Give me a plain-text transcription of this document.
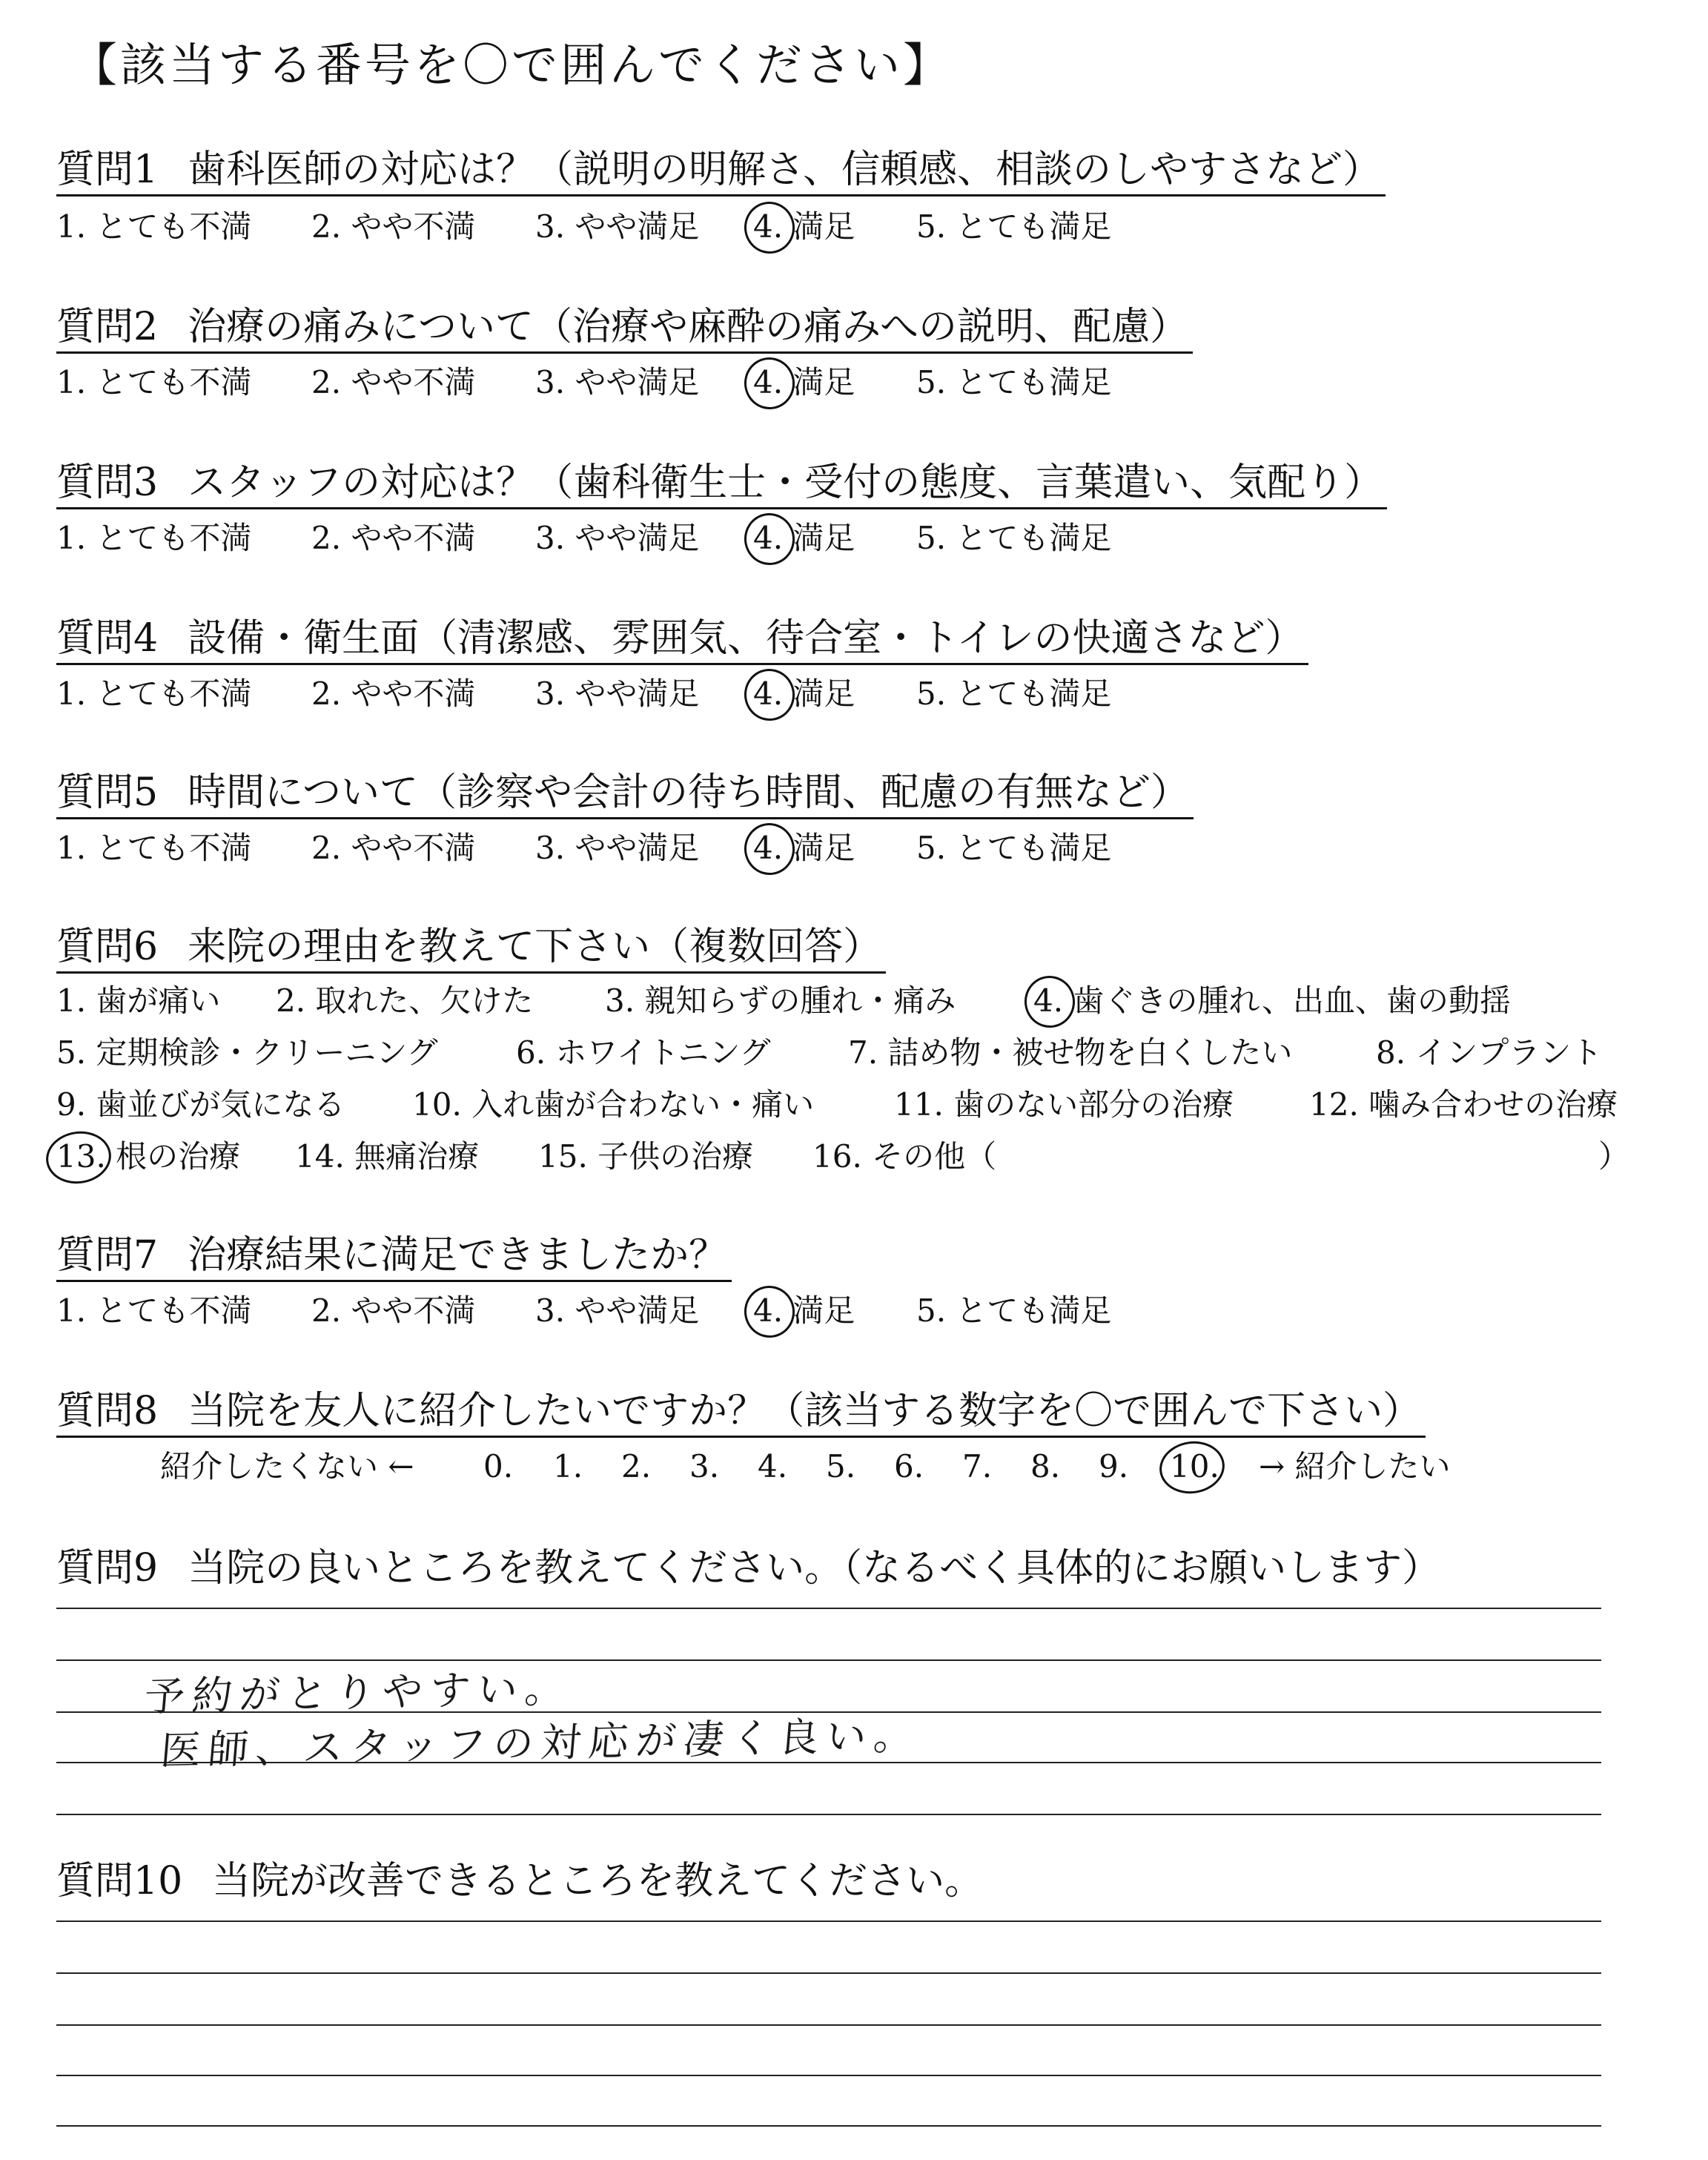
【該当する番号を〇で囲んでください】
質問1 歯科医師の対応は？（説明の明解さ、信頼感、相談のしやすさなど）
1. とても不満 2. やや不満 3. やや満足 4. 満足 5. とても満足
質問2 治療の痛みについて（治療や麻酔の痛みへの説明、配慮）
1. とても不満 2. やや不満 3. やや満足 4. 満足 5. とても満足
質問3 スタッフの対応は？（歯科衛生士・受付の態度、言葉遣い、気配り）
1. とても不満 2. やや不満 3. やや満足 4. 満足 5. とても満足
質問4 設備・衛生面（清潔感、雰囲気、待合室・トイレの快適さなど）
1. とても不満 2. やや不満 3. やや満足 4. 満足 5. とても満足
質問5 時間について（診察や会計の待ち時間、配慮の有無など）
1. とても不満 2. やや不満 3. やや満足 4. 満足 5. とても満足
質問6 来院の理由を教えて下さい（複数回答）
1. 歯が痛い 2. 取れた、欠けた 3. 親知らずの腫れ・痛み 4. 歯ぐきの腫れ、出血、歯の動揺
5. 定期検診・クリーニング	6. ホワイトニング 7. 詰め物・被せ物を白くしたい	8. インプラント
9. 歯並びが気になる 10. 入れ歯が合わない・痛い	11. 歯のない部分の治療 12. 噛み合わせの治療
13. 根の治療 14. 無痛治療 15. 子供の治療 16. その他（	）
質問7 治療結果に満足できましたか？
1. とても不満 2. やや不満 3. やや満足 4. 満足 5. とても満足
質問8 当院を友人に紹介したいですか？（該当する数字を〇で囲んで下さい）
紹介したくない ← 0. 1. 2. 3. 4. 5. 6. 7. 8. 9. 10. → 紹介したい
質問9 当院の良いところを教えてください。（なるべく具体的にお願いします）
予約がとりやすい。
医師、スタッフの対応が凄く良い。
質問10 当院が改善できるところを教えてください。
